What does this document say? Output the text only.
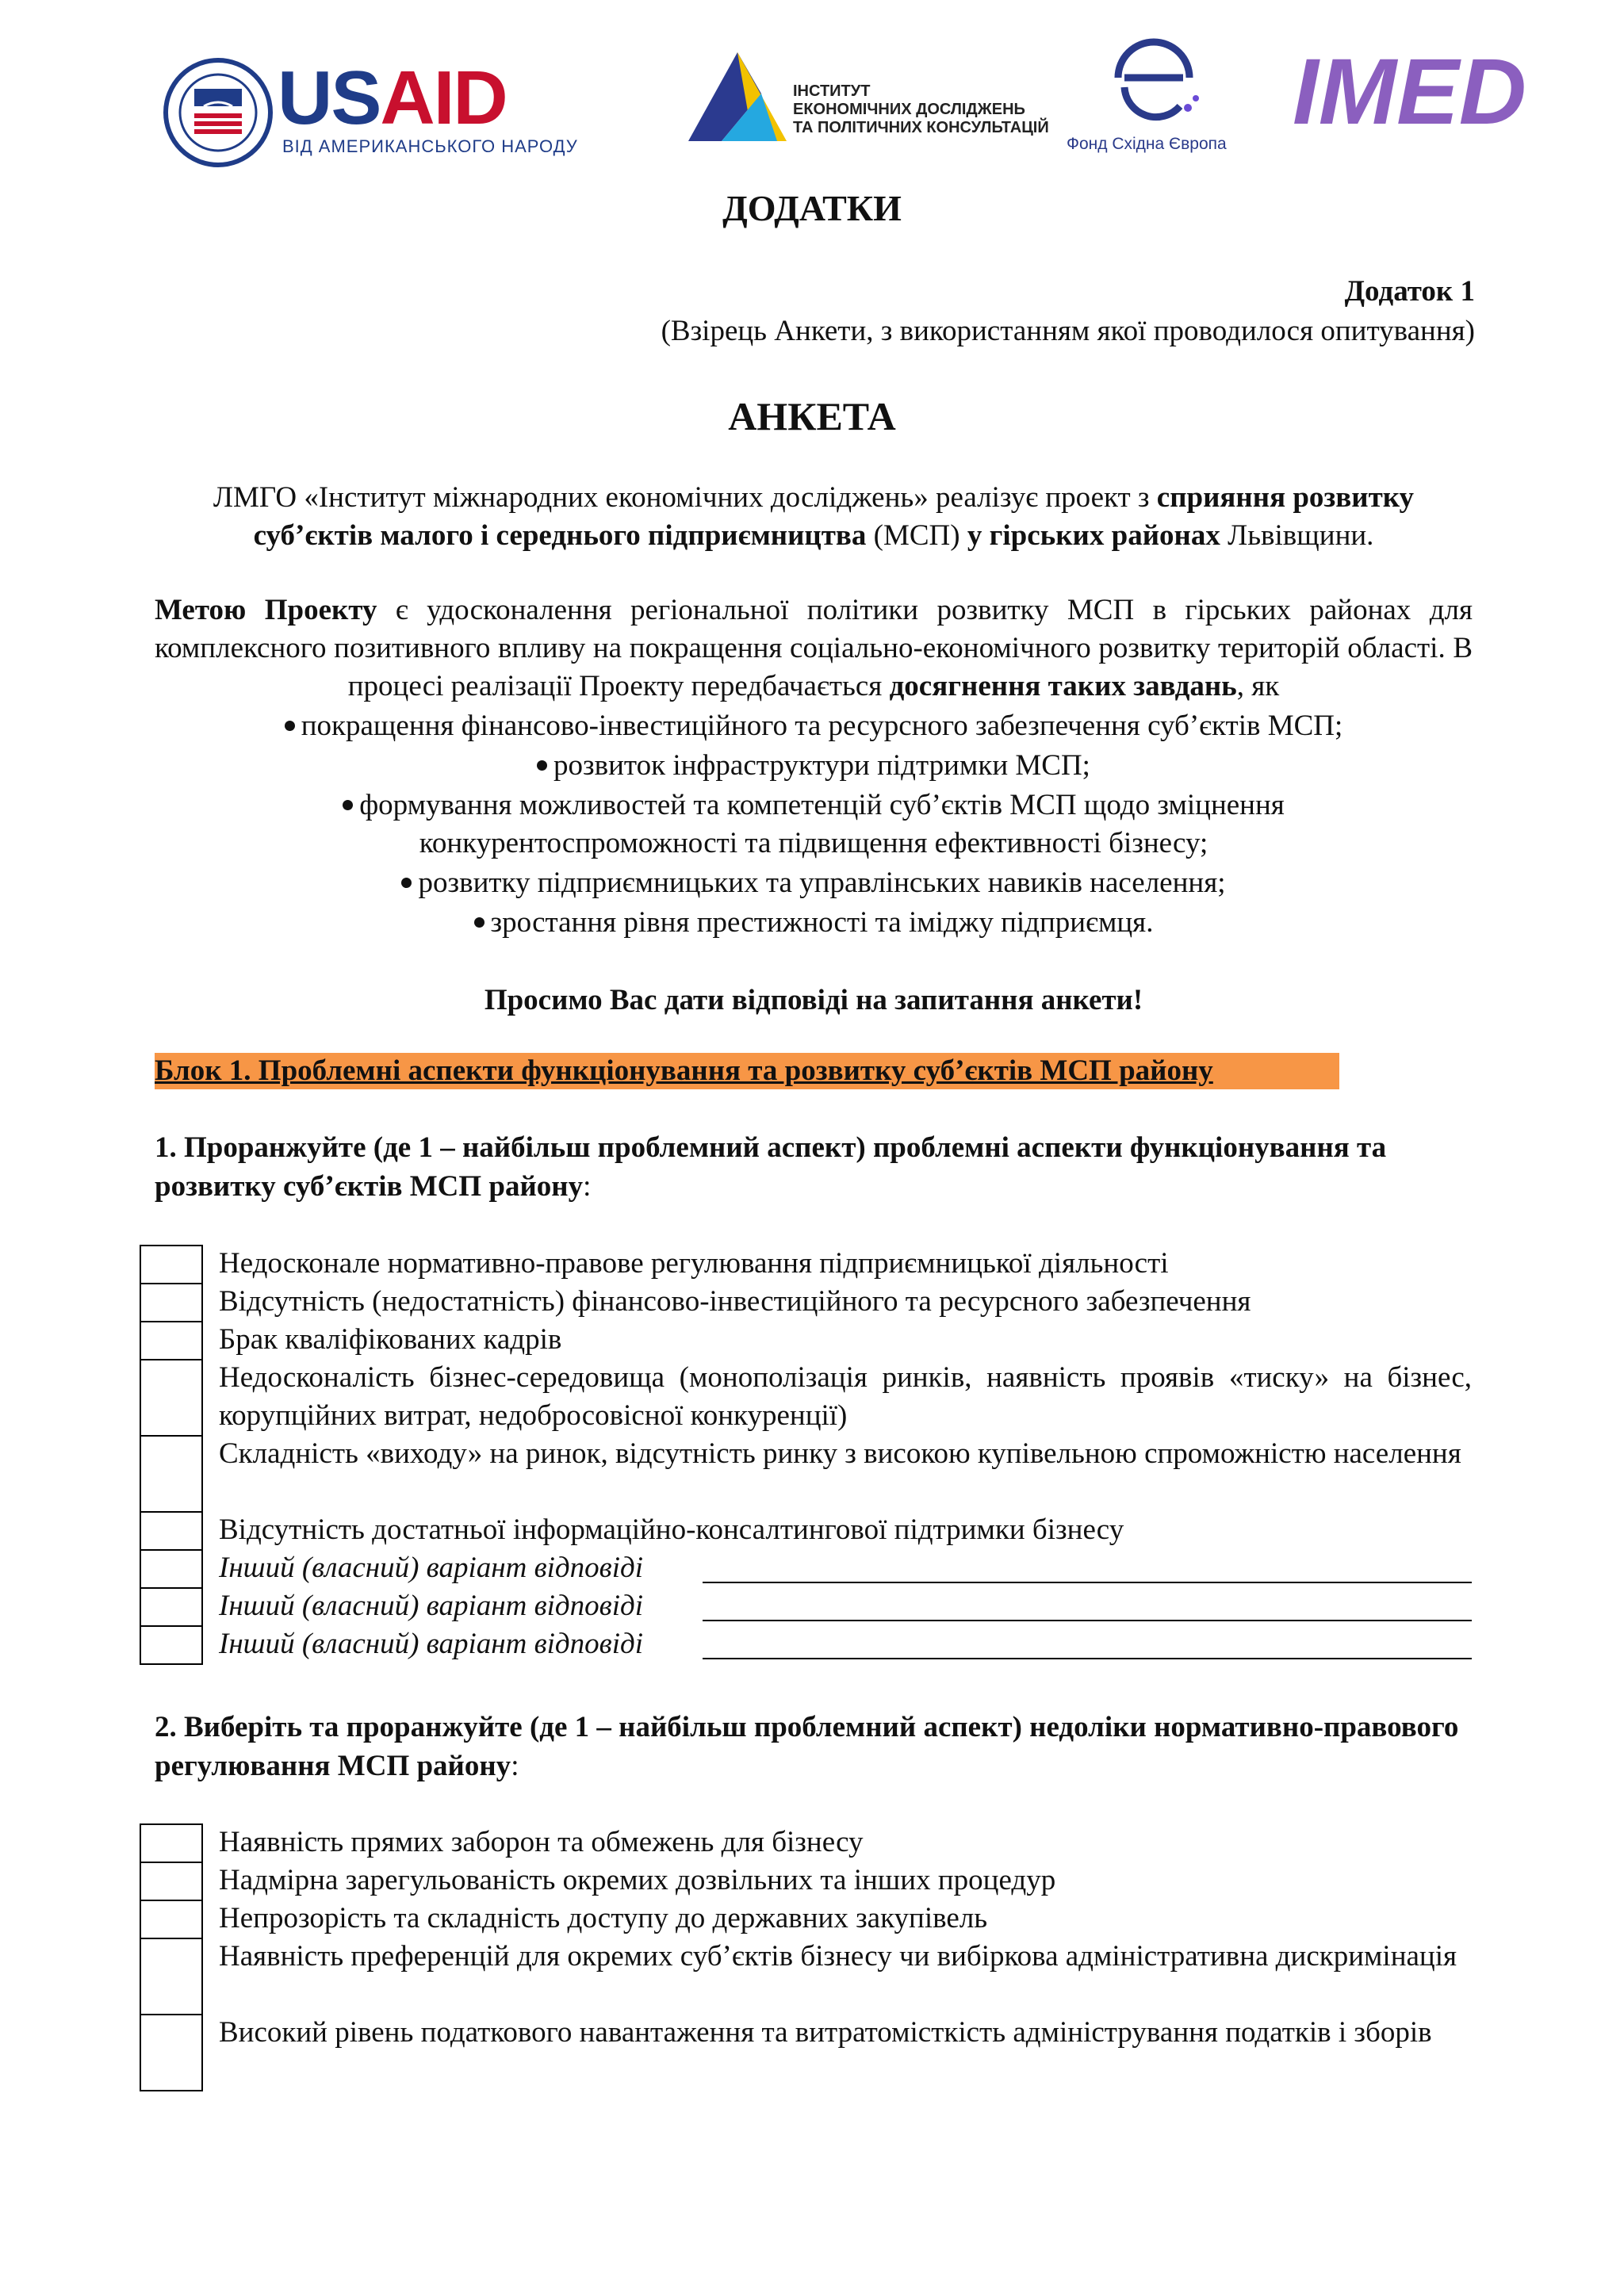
USAID
ВІД АМЕРИКАНСЬКОГО НАРОДУ
ІНСТИТУТ
ЕКОНОМІЧНИХ ДОСЛІДЖЕНЬ
ТА ПОЛІТИЧНИХ КОНСУЛЬТАЦІЙ
Фонд Східна Європа IMED
ДОДАТКИ
Додаток 1
(Взірець Анкети, з використанням якої проводилося опитування)
АНКЕТА
ЛМГО «Інститут міжнародних економічних досліджень» реалізує проект з сприяння розвитку суб’єктів малого і середнього підприємництва (МСП) у гірських районах Львівщини.
Метою Проекту є удосконалення регіональної політики розвитку МСП в гірських районах для комплексного позитивного впливу на покращення соціально-економічного розвитку територій області. В процесі реалізації Проекту передбачається досягнення таких завдань, як
покращення фінансово-інвестиційного та ресурсного забезпечення суб’єктів МСП;
розвиток інфраструктури підтримки МСП;
формування можливостей та компетенцій суб’єктів МСП щодо зміцнення
конкурентоспроможності та підвищення ефективності бізнесу;
розвитку підприємницьких та управлінських навиків населення;
зростання рівня престижності та іміджу підприємця.
Просимо Вас дати відповіді на запитання анкети!
Блок 1. Проблемні аспекти функціонування та розвитку суб’єктів МСП району
1. Проранжуйте (де 1 – найбільш проблемний аспект) проблемні аспекти функціонування та розвитку суб’єктів МСП району:
Недосконале нормативно-правове регулювання підприємницької діяльності
Відсутність (недостатність) фінансово-інвестиційного та ресурсного забезпечення
Брак кваліфікованих кадрів
Недосконалість бізнес-середовища (монополізація ринків, наявність проявів «тиску» на бізнес, корупційних витрат, недобросовісної конкуренції)
Складність «виходу» на ринок, відсутність ринку з високою купівельною спроможністю населення
Відсутність достатньої інформаційно-консалтингової підтримки бізнесу
Інший (власний) варіант відповіді
Інший (власний) варіант відповіді
Інший (власний) варіант відповіді
2. Виберіть та проранжуйте (де 1 – найбільш проблемний аспект) недоліки нормативно-правового регулювання МСП району:
Наявність прямих заборон та обмежень для бізнесу
Надмірна зарегульованість окремих дозвільних та інших процедур
Непрозорість та складність доступу до державних закупівель
Наявність преференцій для окремих суб’єктів бізнесу чи вибіркова адміністративна дискримінація
Високий рівень податкового навантаження та витратомісткість адміністрування податків і зборів
